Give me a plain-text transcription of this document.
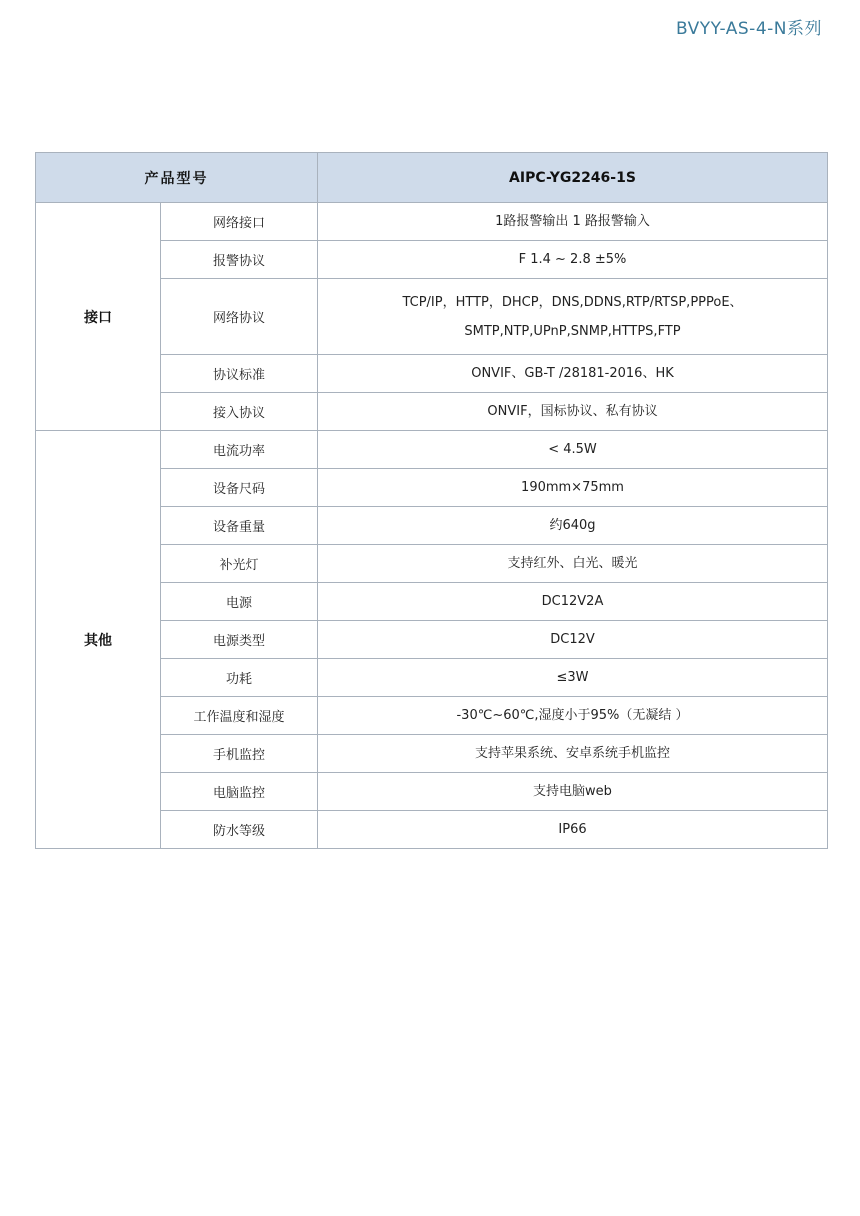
BVYY-AS-4-N系列
产品型号		AIPC-YG2246-1S
接口	网络接口	1路报警输出 1 路报警输入

	报警协议	F 1.4 ~ 2.8 ±5%

	网络协议	TCP/IP，HTTP，DHCP，DNS,DDNS,RTP/RTSP,PPPoE、
SMTP,NTP,UPnP,SNMP,HTTPS,FTP

	协议标准	ONVIF、GB-T /28181-2016、HK

	接入协议	ONVIF，国标协议、私有协议

其他	电流功率	< 4.5W

	设备尺码	190mm×75mm

	设备重量	约640g

	补光灯	支持红外、白光、暖光

	电源	DC12V2A

	电源类型	DC12V

	功耗	≤3W

	工作温度和湿度	-30℃~60℃,湿度小于95%（无凝结 ）

	手机监控	支持苹果系统、安卓系统手机监控

	电脑监控	支持电脑web

	防水等级	IP66
